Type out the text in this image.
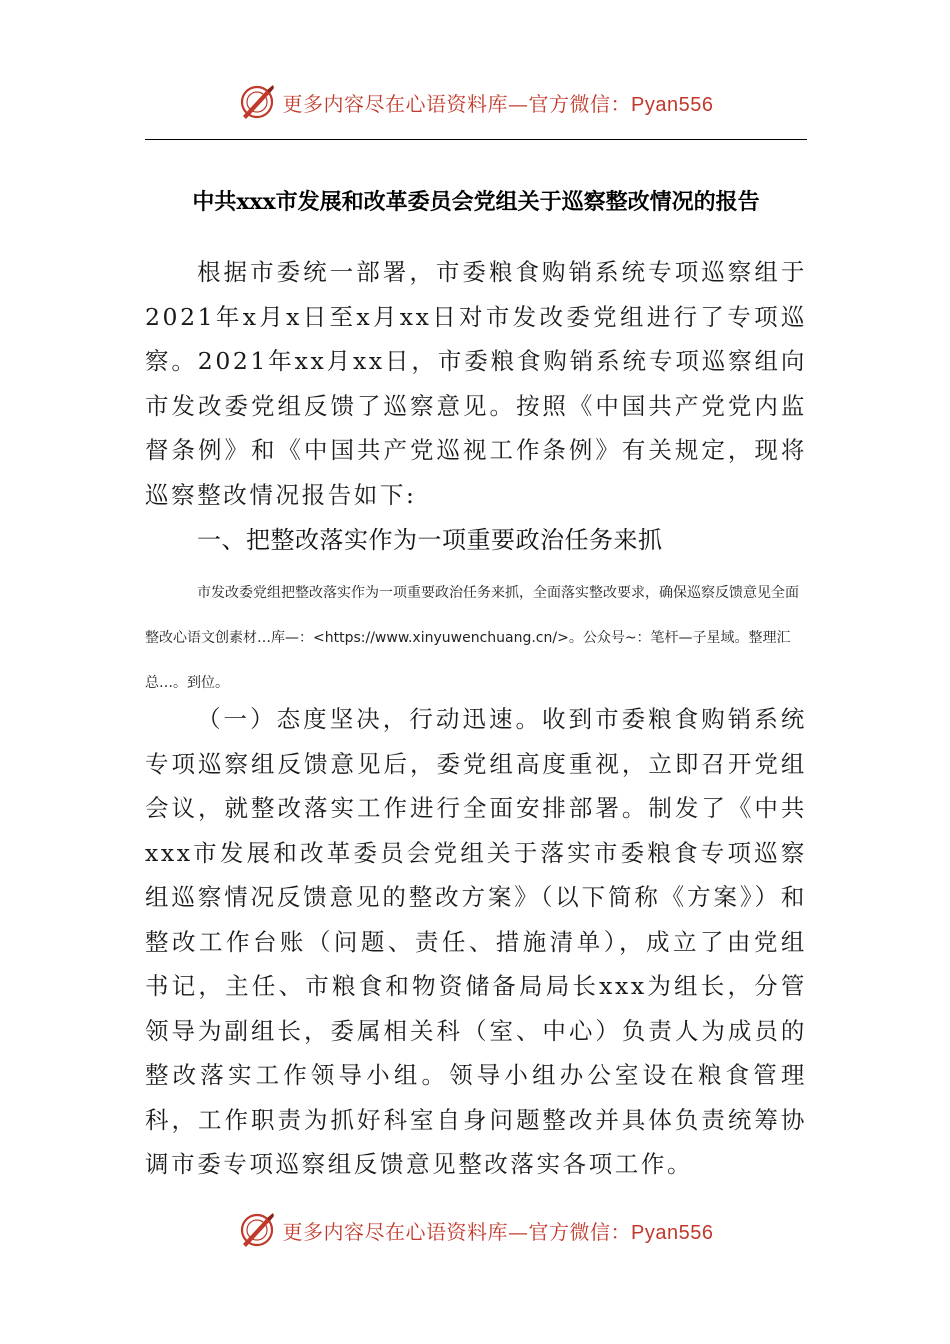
更多内容尽在心语资料库—官方微信：Pyan556
中共xxx市发展和改革委员会党组关于巡察整改情况的报告

根据市委统一部署，市委粮食购销系统专项巡察组于2021年x月x日至x月xx日对市发改委党组进行了专项巡察。2021年xx月xx日，市委粮食购销系统专项巡察组向市发改委党组反馈了巡察意见。按照《中国共产党党内监督条例》和《中国共产党巡视工作条例》有关规定，现将巡察整改情况报告如下:

一、把整改落实作为一项重要政治任务来抓

市发改委党组把整改落实作为一项重要政治任务来抓，全面落实整改要求，确保巡察反馈意见全面整改心语文创素材…库—：<https://www.xinyuwenchuang.cn/>。公众号~：笔杆—子星域。整理汇总…。到位。

（一）态度坚决，行动迅速。收到市委粮食购销系统专项巡察组反馈意见后，委党组高度重视，立即召开党组会议，就整改落实工作进行全面安排部署。制发了《中共xxx市发展和改革委员会党组关于落实市委粮食专项巡察组巡察情况反馈意见的整改方案》（以下简称《方案》）和整改工作台账（问题、责任、措施清单），成立了由党组书记，主任、市粮食和物资储备局局长xxx为组长，分管领导为副组长，委属相关科（室、中心）负责人为成员的整改落实工作领导小组。领导小组办公室设在粮食管理科，工作职责为抓好科室自身问题整改并具体负责统筹协调市委专项巡察组反馈意见整改落实各项工作。

更多内容尽在心语资料库—官方微信：Pyan556
